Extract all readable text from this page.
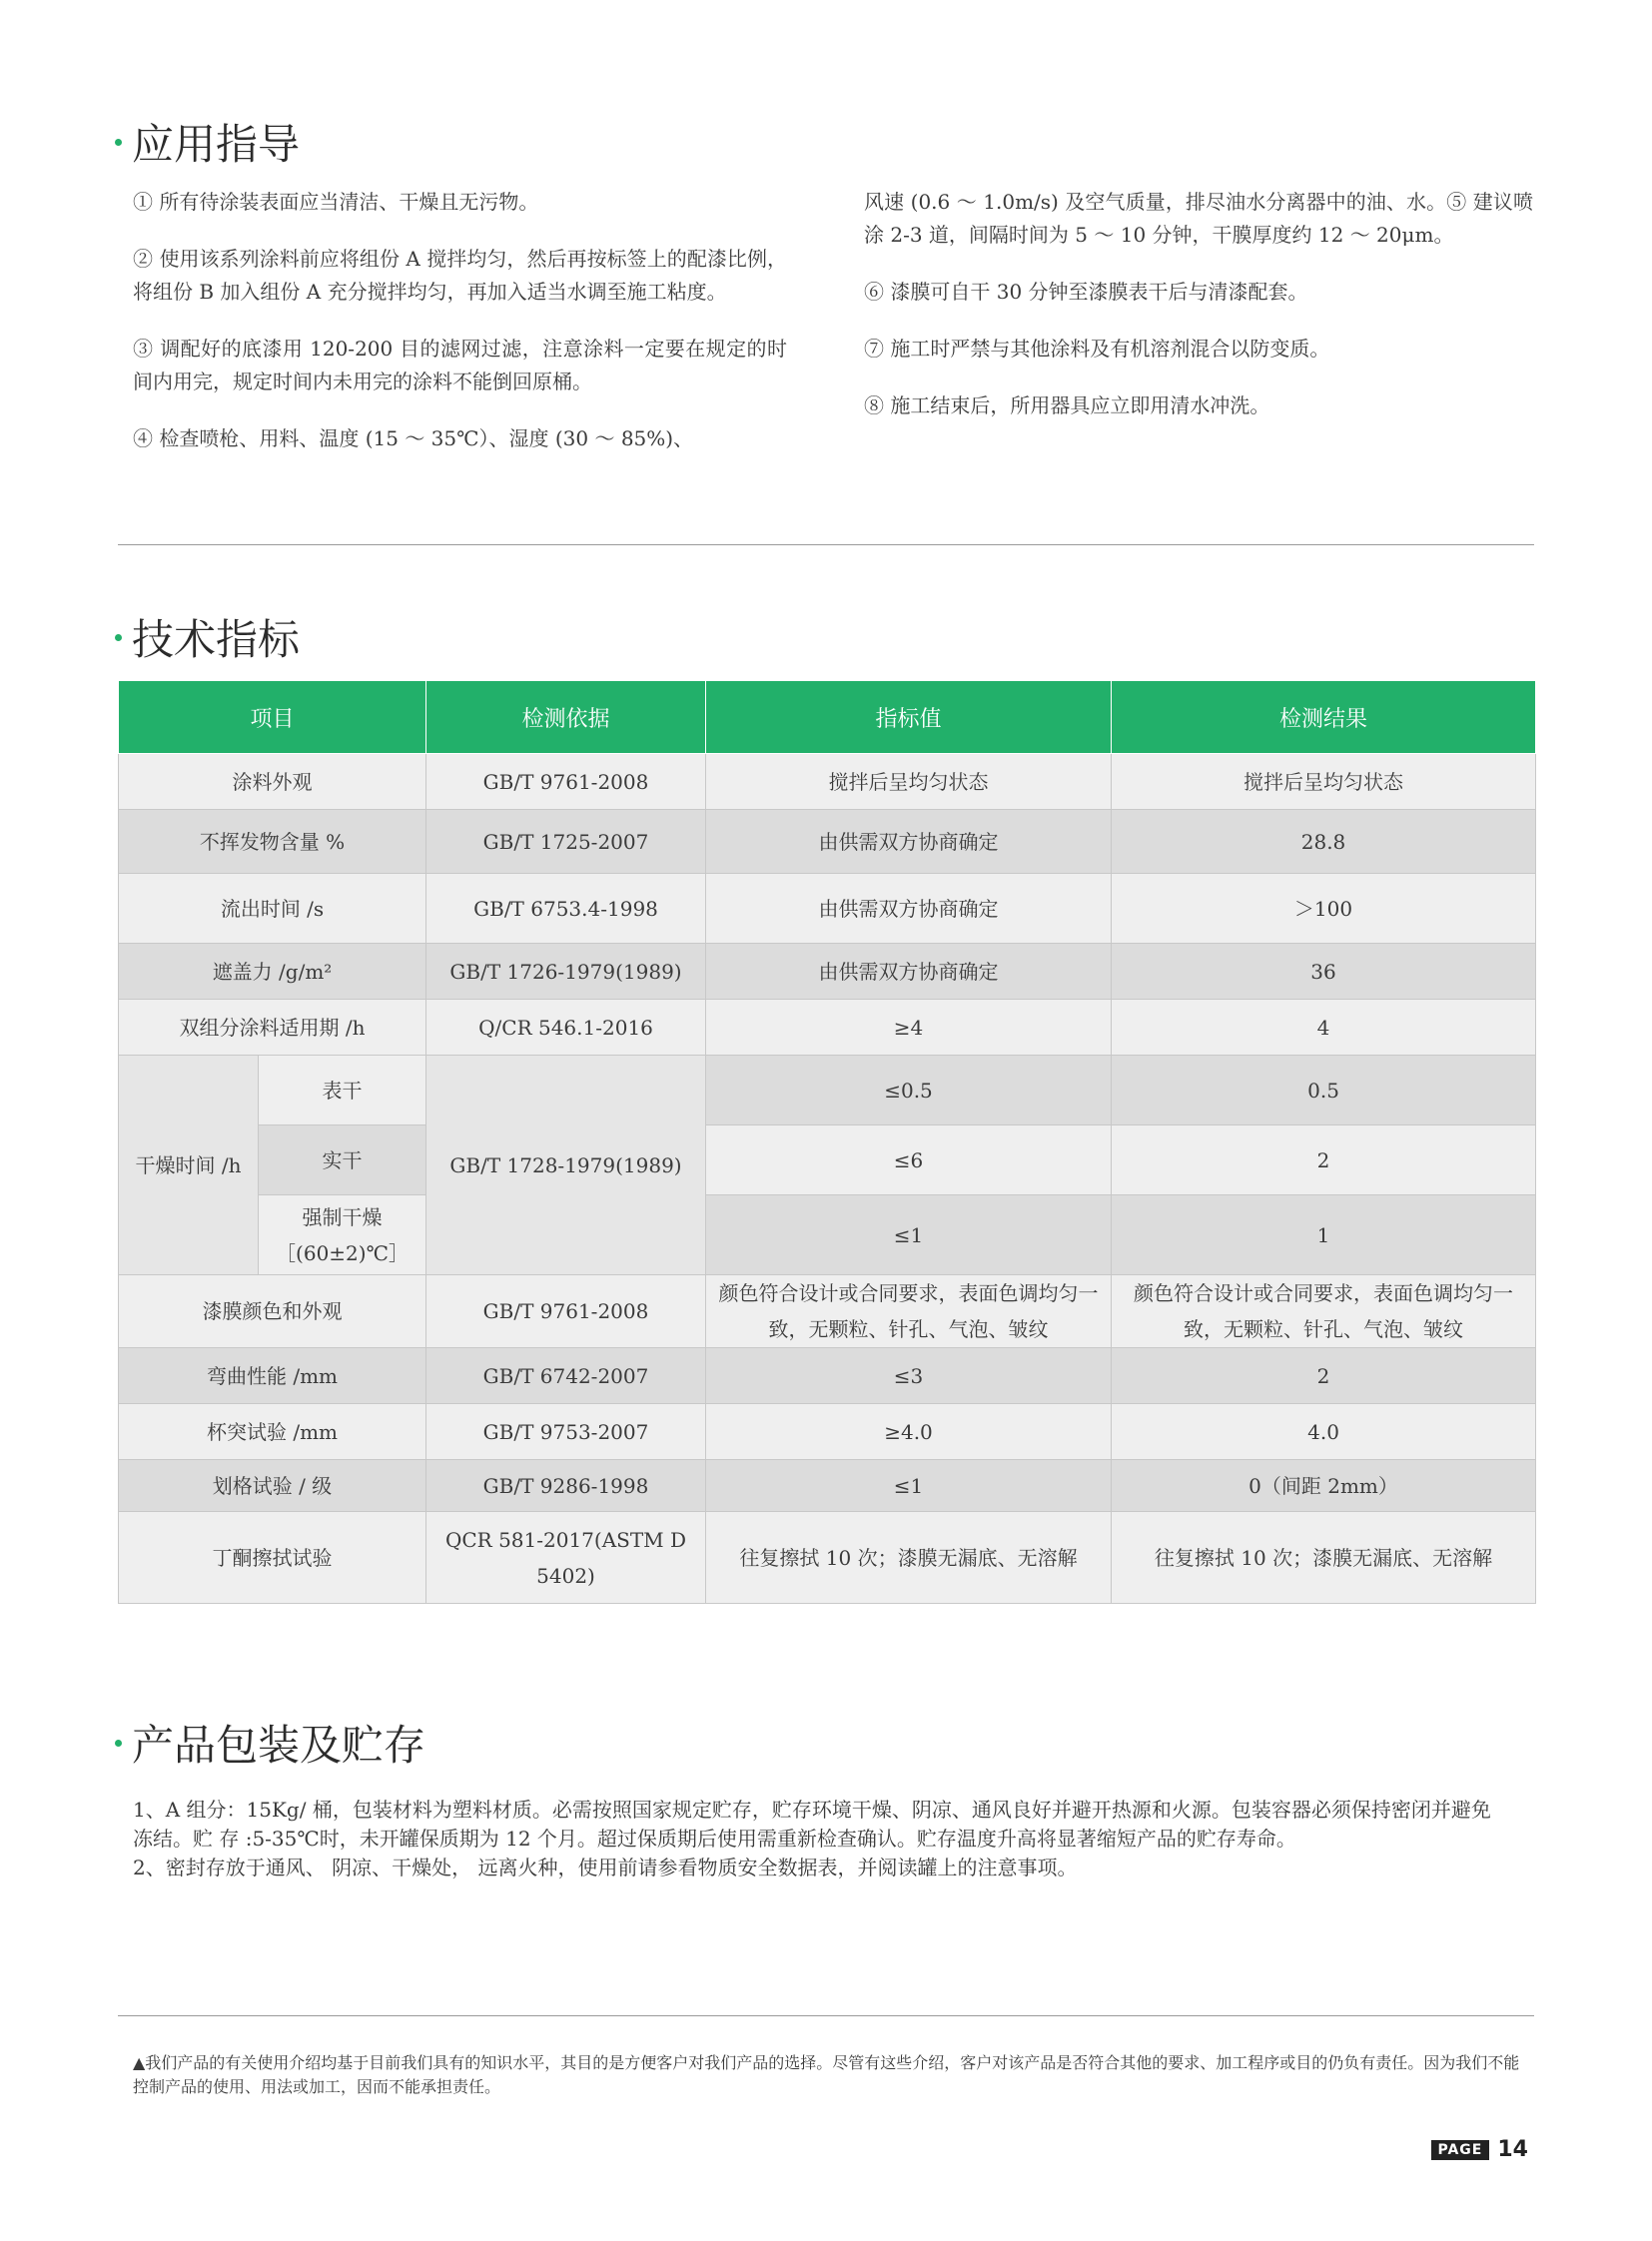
应用指导

① 所有待涂装表面应当清洁、干燥且无污物。

② 使用该系列涂料前应将组份 A 搅拌均匀，然后再按标签上的配漆比例，将组份 B 加入组份 A 充分搅拌均匀，再加入适当水调至施工粘度。

③ 调配好的底漆用 120-200 目的滤网过滤，注意涂料一定要在规定的时间内用完，规定时间内未用完的涂料不能倒回原桶。

④ 检查喷枪、用料、温度 (15 ～ 35℃）、湿度 (30 ～ 85%)、

风速 (0.6 ～ 1.0m/s) 及空气质量，排尽油水分离器中的油、水。⑤ 建议喷涂 2-3 道，间隔时间为 5 ～ 10 分钟，干膜厚度约 12 ～ 20μm。

⑥ 漆膜可自干 30 分钟至漆膜表干后与清漆配套。

⑦ 施工时严禁与其他涂料及有机溶剂混合以防变质。

⑧ 施工结束后，所用器具应立即用清水冲洗。

技术指标
项目		检测依据	指标值	检测结果
涂料外观		GB/T 9761-2008	搅拌后呈均匀状态	搅拌后呈均匀状态
不挥发物含量 %		GB/T 1725-2007	由供需双方协商确定	28.8
流出时间 /s		GB/T 6753.4-1998	由供需双方协商确定	＞100
遮盖力 /g/m²		GB/T 1726-1979(1989)	由供需双方协商确定	36
双组分涂料适用期 /h		Q/CR 546.1-2016	≥4	4
干燥时间 /h	表干	GB/T 1728-1979(1989)	≤0.5	0.5
	实干		≤6	2
	强制干燥［(60±2)℃］		≤1	1
漆膜颜色和外观		GB/T 9761-2008	颜色符合设计或合同要求，表面色调均匀一致，无颗粒、针孔、气泡、皱纹	颜色符合设计或合同要求，表面色调均匀一致，无颗粒、针孔、气泡、皱纹
弯曲性能 /mm		GB/T 6742-2007	≤3	2
杯突试验 /mm		GB/T 9753-2007	≥4.0	4.0
划格试验 / 级		GB/T 9286-1998	≤1	0（间距 2mm）
丁酮擦拭试验		QCR 581-2017(ASTM D 5402)	往复擦拭 10 次；漆膜无漏底、无溶解	往复擦拭 10 次；漆膜无漏底、无溶解
产品包装及贮存

1、A 组分：15Kg/ 桶，包装材料为塑料材质。必需按照国家规定贮存，贮存环境干燥、阴凉、通风良好并避开热源和火源。包装容器必须保持密闭并避免冻结。贮 存 :5-35℃时，未开罐保质期为 12 个月。超过保质期后使用需重新检查确认。贮存温度升高将显著缩短产品的贮存寿命。

2、密封存放于通风、 阴凉、干燥处， 远离火种，使用前请参看物质安全数据表，并阅读罐上的注意事项。

▲我们产品的有关使用介绍均基于目前我们具有的知识水平，其目的是方便客户对我们产品的选择。尽管有这些介绍，客户对该产品是否符合其他的要求、加工程序或目的仍负有责任。因为我们不能控制产品的使用、用法或加工，因而不能承担责任。

PAGE 14
